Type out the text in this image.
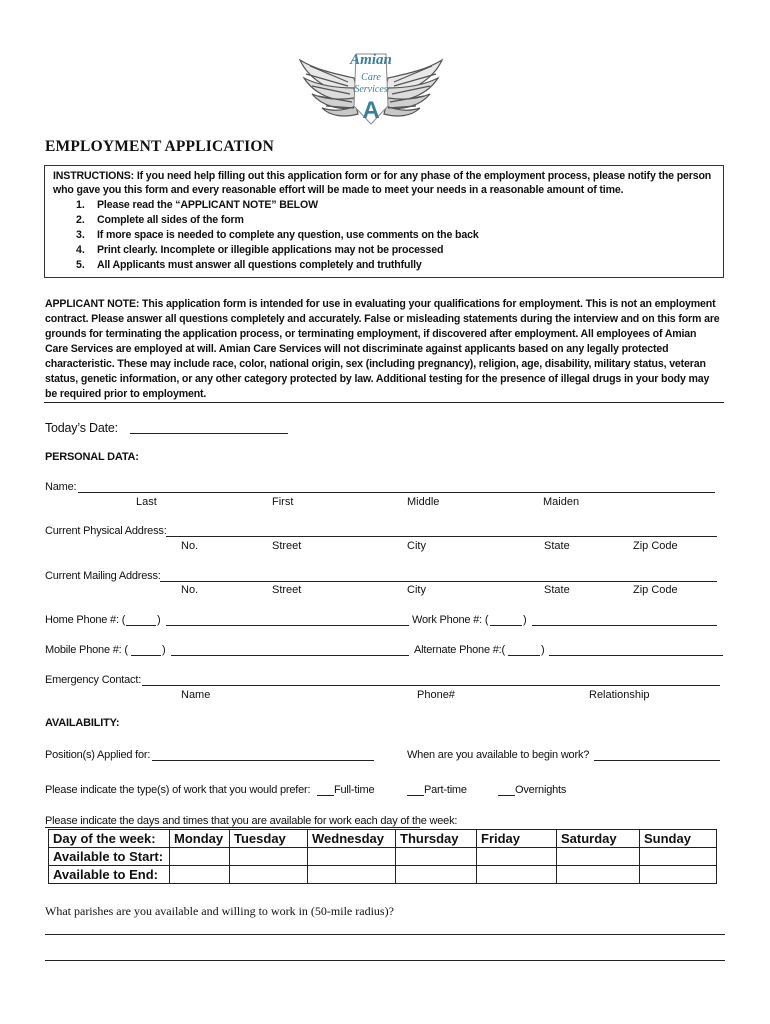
Amian
Care
Services
A
EMPLOYMENT APPLICATION
INSTRUCTIONS: If you need help filling out this application form or for any phase of the employment process, please notify the person
who gave you this form and every reasonable effort will be made to meet your needs in a reasonable amount of time.
1. Please read the “APPLICANT NOTE” BELOW
2. Complete all sides of the form
3. If more space is needed to complete any question, use comments on the back
4. Print clearly. Incomplete or illegible applications may not be processed
5. All Applicants must answer all questions completely and truthfully
APPLICANT NOTE: This application form is intended for use in evaluating your qualifications for employment. This is not an employment
contract. Please answer all questions completely and accurately. False or misleading statements during the interview and on this form are
grounds for terminating the application process, or terminating employment, if discovered after employment. All employees of Amian
Care Services are employed at will. Amian Care Services will not discriminate against applicants based on any legally protected
characteristic. These may include race, color, national origin, sex (including pregnancy), religion, age, disability, military status, veteran
status, genetic information, or any other category protected by law. Additional testing for the presence of illegal drugs in your body may
be required prior to employment.
Today’s Date:
PERSONAL DATA:
Name:
Last	First	Middle	Maiden
Current Physical Address:
No.	Street	City	State	Zip Code
Current Mailing Address:
No.	Street	City	State	Zip Code
Home Phone #: (	)	Work Phone #: (	)
Mobile Phone #: (	)	Alternate Phone #:(	)
Emergency Contact:
Name	Phone#	Relationship
AVAILABILITY:
Position(s) Applied for:	When are you available to begin work?
Please indicate the type(s) of work that you would prefer: Full-time	Part-time	Overnights
Please indicate the days and times that you are available for work each day of the week:
Day of the week:	Monday	Tuesday	Wednesday	Thursday	Friday	Saturday	Sunday
Available to Start:							
Available to End:							
What parishes are you available and willing to work in (50-mile radius)?
